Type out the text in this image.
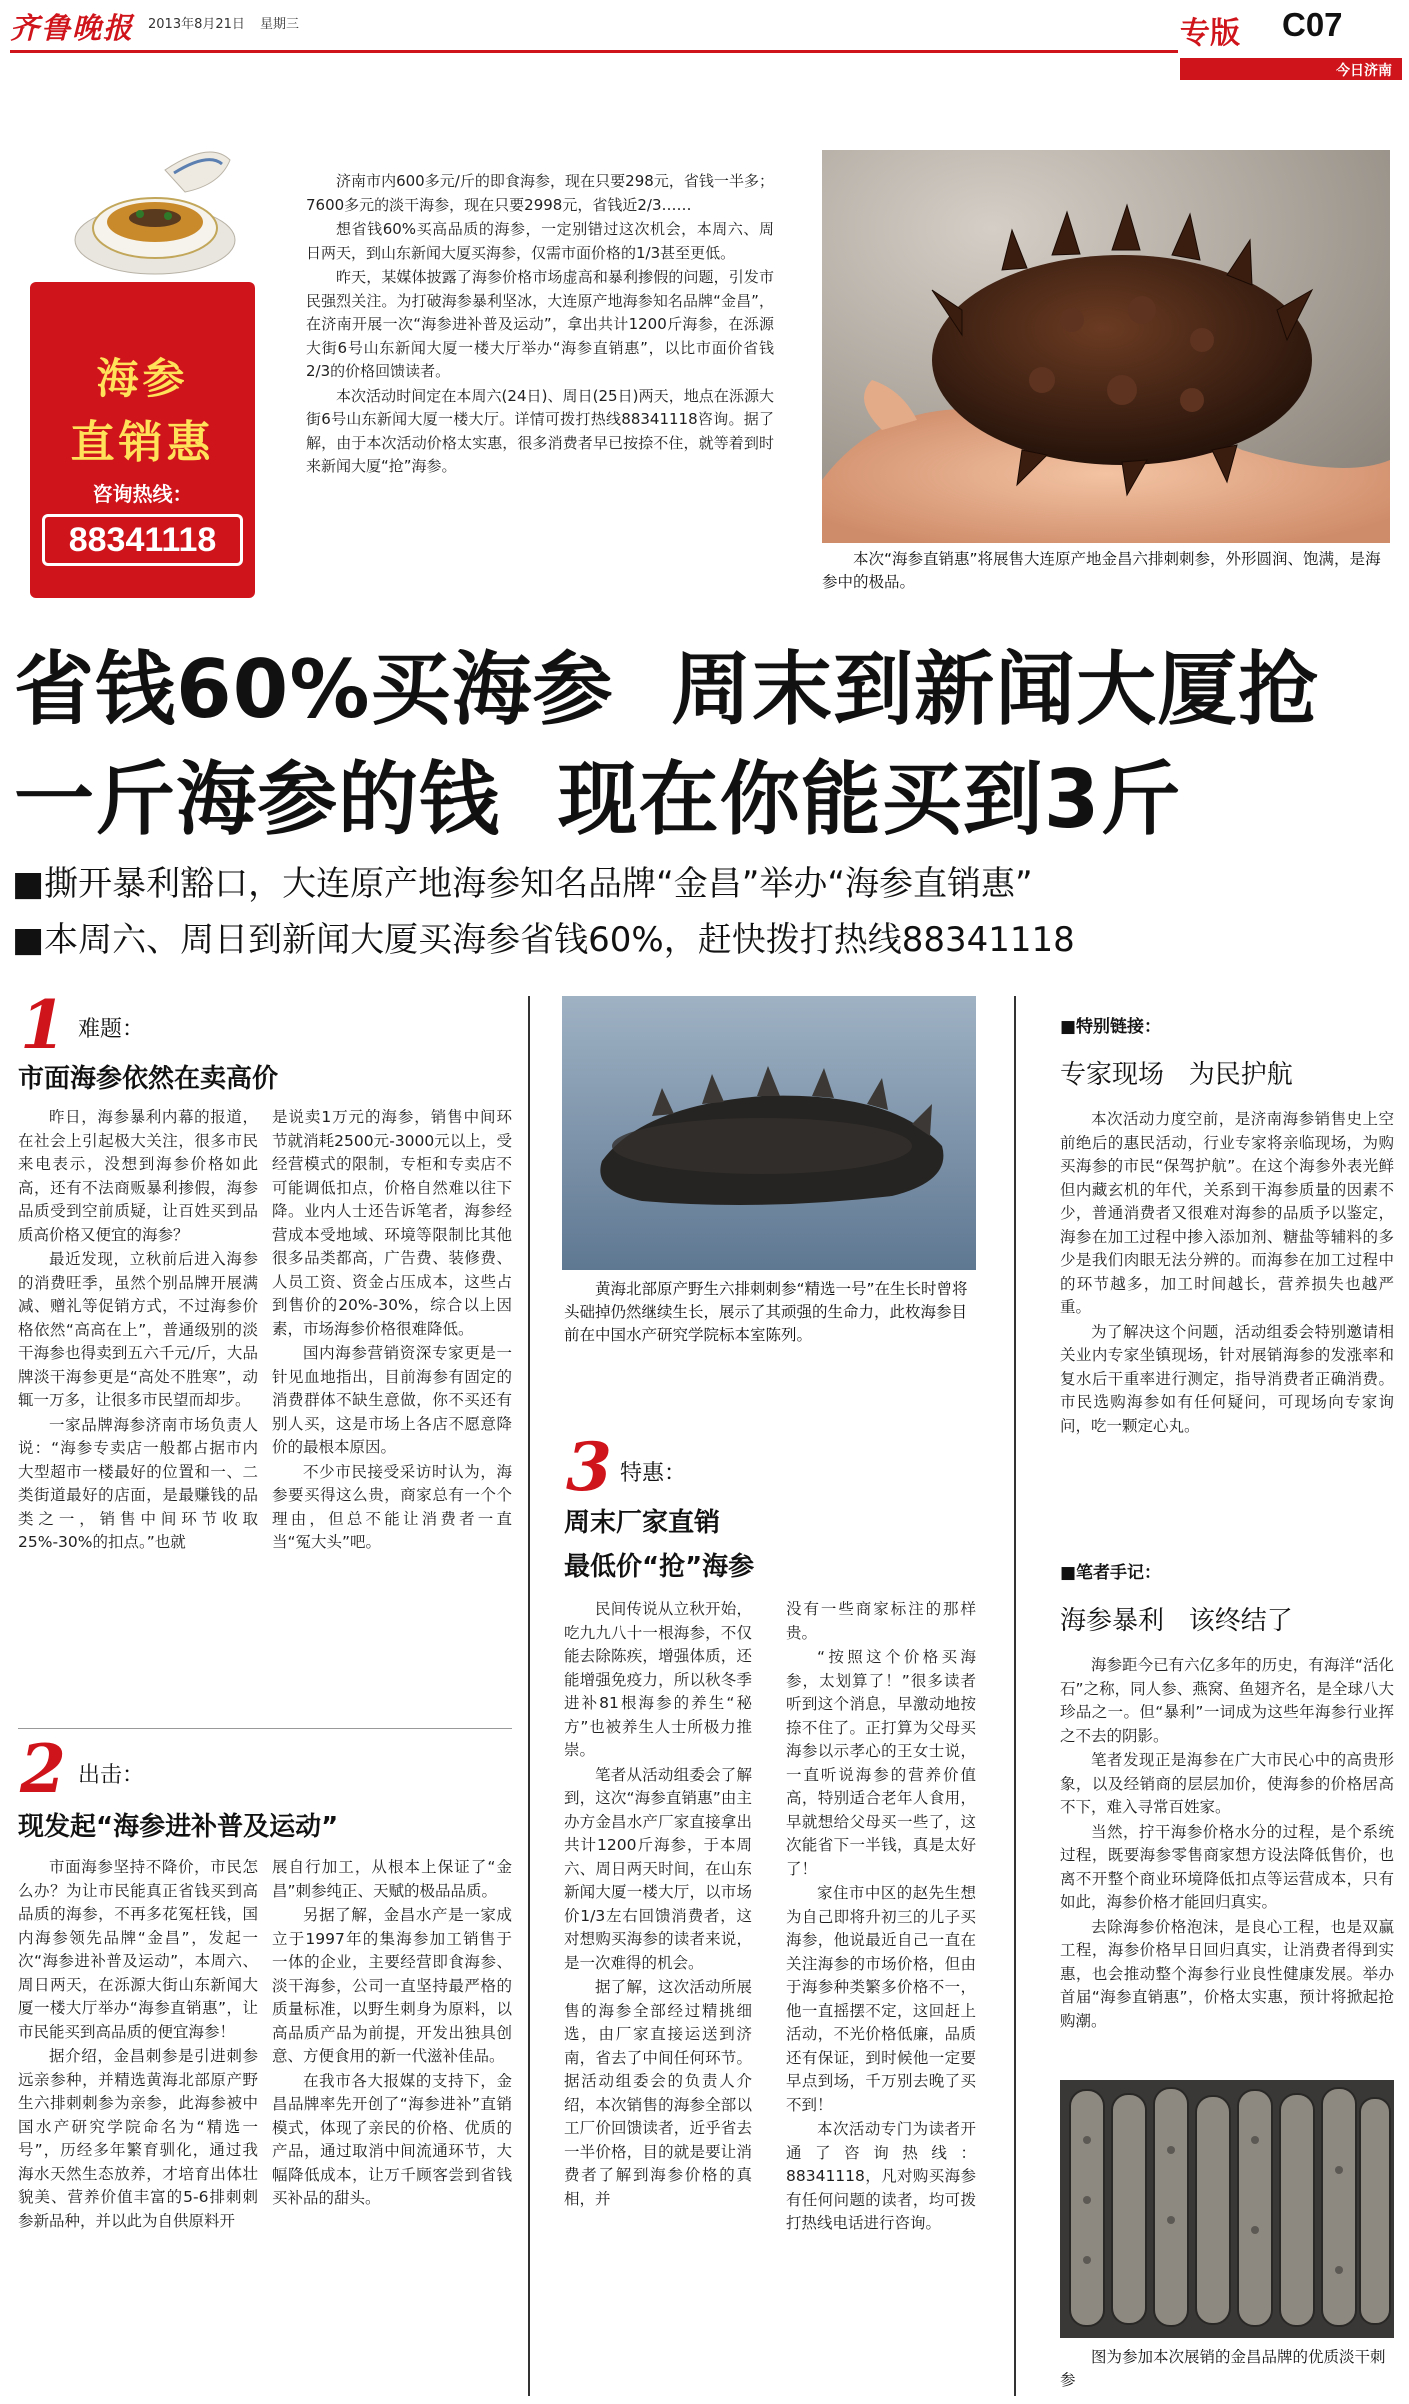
齐鲁晚报 2013年8月21日 星期三	专版 C07
今日济南
海参
直销惠
咨询热线：
88341118

济南市内600多元/斤的即食海参，现在只要298元，省钱一半多；7600多元的淡干海参，现在只要2998元，省钱近2/3……

想省钱60%买高品质的海参，一定别错过这次机会，本周六、周日两天，到山东新闻大厦买海参，仅需市面价格的1/3甚至更低。

昨天，某媒体披露了海参价格市场虚高和暴利掺假的问题，引发市民强烈关注。为打破海参暴利坚冰，大连原产地海参知名品牌“金昌”，在济南开展一次“海参进补普及运动”，拿出共计1200斤海参，在泺源大街6号山东新闻大厦一楼大厅举办“海参直销惠”，以比市面价省钱2/3的价格回馈读者。

本次活动时间定在本周六(24日)、周日(25日)两天，地点在泺源大街6号山东新闻大厦一楼大厅。详情可拨打热线88341118咨询。据了解，由于本次活动价格太实惠，很多消费者早已按捺不住，就等着到时来新闻大厦“抢”海参。

本次“海参直销惠”将展售大连原产地金昌六排刺刺参，外形圆润、饱满，是海参中的极品。
省钱60%买海参  周末到新闻大厦抢
一斤海参的钱  现在你能买到3斤
■撕开暴利豁口，大连原产地海参知名品牌“金昌”举办“海参直销惠”
■本周六、周日到新闻大厦买海参省钱60%，赶快拨打热线88341118
1 难题：
市面海参依然在卖高价

昨日，海参暴利内幕的报道，在社会上引起极大关注，很多市民来电表示，没想到海参价格如此高，还有不法商贩暴利掺假，海参品质受到空前质疑，让百姓买到品质高价格又便宜的海参？

最近发现，立秋前后进入海参的消费旺季，虽然个别品牌开展满减、赠礼等促销方式，不过海参价格依然“高高在上”，普通级别的淡干海参也得卖到五六千元/斤，大品牌淡干海参更是“高处不胜寒”，动辄一万多，让很多市民望而却步。

一家品牌海参济南市场负责人说：“海参专卖店一般都占据市内大型超市一楼最好的位置和一、二类街道最好的店面，是最赚钱的品类之一，销售中间环节收取25%-30%的扣点。”也就

是说卖1万元的海参，销售中间环节就消耗2500元-3000元以上，受经营模式的限制，专柜和专卖店不可能调低扣点，价格自然难以往下降。业内人士还告诉笔者，海参经营成本受地域、环境等限制比其他很多品类都高，广告费、装修费、人员工资、资金占压成本，这些占到售价的20%-30%，综合以上因素，市场海参价格很难降低。

国内海参营销资深专家更是一针见血地指出，目前海参有固定的消费群体不缺生意做，你不买还有别人买，这是市场上各店不愿意降价的最根本原因。

不少市民接受采访时认为，海参要买得这么贵，商家总有一个个理由，但总不能让消费者一直当“冤大头”吧。

2 出击：
现发起“海参进补普及运动”

市面海参坚持不降价，市民怎么办？为让市民能真正省钱买到高品质的海参，不再多花冤枉钱，国内海参领先品牌“金昌”，发起一次“海参进补普及运动”，本周六、周日两天，在泺源大街山东新闻大厦一楼大厅举办“海参直销惠”，让市民能买到高品质的便宜海参！

据介绍，金昌刺参是引进刺参远亲参种，并精选黄海北部原产野生六排刺刺参为亲参，此海参被中国水产研究学院命名为“精选一号”，历经多年繁育驯化，通过我海水天然生态放养，才培育出体壮貌美、营养价值丰富的5-6排刺刺参新品种，并以此为自供原料开

展自行加工，从根本上保证了“金昌”刺参纯正、天赋的极品品质。

另据了解，金昌水产是一家成立于1997年的集海参加工销售于一体的企业，主要经营即食海参、淡干海参，公司一直坚持最严格的质量标准，以野生刺身为原料，以高品质产品为前提，开发出独具创意、方便食用的新一代滋补佳品。

在我市各大报媒的支持下，金昌品牌率先开创了“海参进补”直销模式，体现了亲民的价格、优质的产品，通过取消中间流通环节，大幅降低成本，让万千顾客尝到省钱买补品的甜头。

黄海北部原产野生六排刺刺参“精选一号”在生长时曾将头础掉仍然继续生长，展示了其顽强的生命力，此枚海参目前在中国水产研究学院标本室陈列。
3 特惠：
周末厂家直销
最低价“抢”海参

民间传说从立秋开始，吃九九八十一根海参，不仅能去除陈疾，增强体质，还能增强免疫力，所以秋冬季进补81根海参的养生“秘方”也被养生人士所极力推崇。

笔者从活动组委会了解到，这次“海参直销惠”由主办方金昌水产厂家直接拿出共计1200斤海参，于本周六、周日两天时间，在山东新闻大厦一楼大厅，以市场价1/3左右回馈消费者，这对想购买海参的读者来说，是一次难得的机会。

据了解，这次活动所展售的海参全部经过精挑细选，由厂家直接运送到济南，省去了中间任何环节。据活动组委会的负责人介绍，本次销售的海参全部以工厂价回馈读者，近乎省去一半价格，目的就是要让消费者了解到海参价格的真相，并

没有一些商家标注的那样贵。

“按照这个价格买海参，太划算了！”很多读者听到这个消息，早激动地按捺不住了。正打算为父母买海参以示孝心的王女士说，一直听说海参的营养价值高，特别适合老年人食用，早就想给父母买一些了，这次能省下一半钱，真是太好了！

家住市中区的赵先生想为自己即将升初三的儿子买海参，他说最近自己一直在关注海参的市场价格，但由于海参种类繁多价格不一，他一直摇摆不定，这回赶上活动，不光价格低廉，品质还有保证，到时候他一定要早点到场，千万别去晚了买不到！

本次活动专门为读者开通了咨询热线：88341118，凡对购买海参有任何问题的读者，均可拨打热线电话进行咨询。

■特别链接：
专家现场   为民护航

本次活动力度空前，是济南海参销售史上空前绝后的惠民活动，行业专家将亲临现场，为购买海参的市民“保驾护航”。在这个海参外表光鲜但内藏玄机的年代，关系到干海参质量的因素不少，普通消费者又很难对海参的品质予以鉴定，海参在加工过程中掺入添加剂、糖盐等辅料的多少是我们肉眼无法分辨的。而海参在加工过程中的环节越多，加工时间越长，营养损失也越严重。

为了解决这个问题，活动组委会特别邀请相关业内专家坐镇现场，针对展销海参的发涨率和复水后干重率进行测定，指导消费者正确消费。市民选购海参如有任何疑问，可现场向专家询问，吃一颗定心丸。

■笔者手记：
海参暴利   该终结了

海参距今已有六亿多年的历史，有海洋“活化石”之称，同人参、燕窝、鱼翅齐名，是全球八大珍品之一。但“暴利”一词成为这些年海参行业挥之不去的阴影。

笔者发现正是海参在广大市民心中的高贵形象，以及经销商的层层加价，使海参的价格居高不下，难入寻常百姓家。

当然，拧干海参价格水分的过程，是个系统过程，既要海参零售商家想方设法降低售价，也离不开整个商业环境降低扣点等运营成本，只有如此，海参价格才能回归真实。

去除海参价格泡沫，是良心工程，也是双赢工程，海参价格早日回归真实，让消费者得到实惠，也会推动整个海参行业良性健康发展。举办首届“海参直销惠”，价格太实惠，预计将掀起抢购潮。

图为参加本次展销的金昌品牌的优质淡干刺参
